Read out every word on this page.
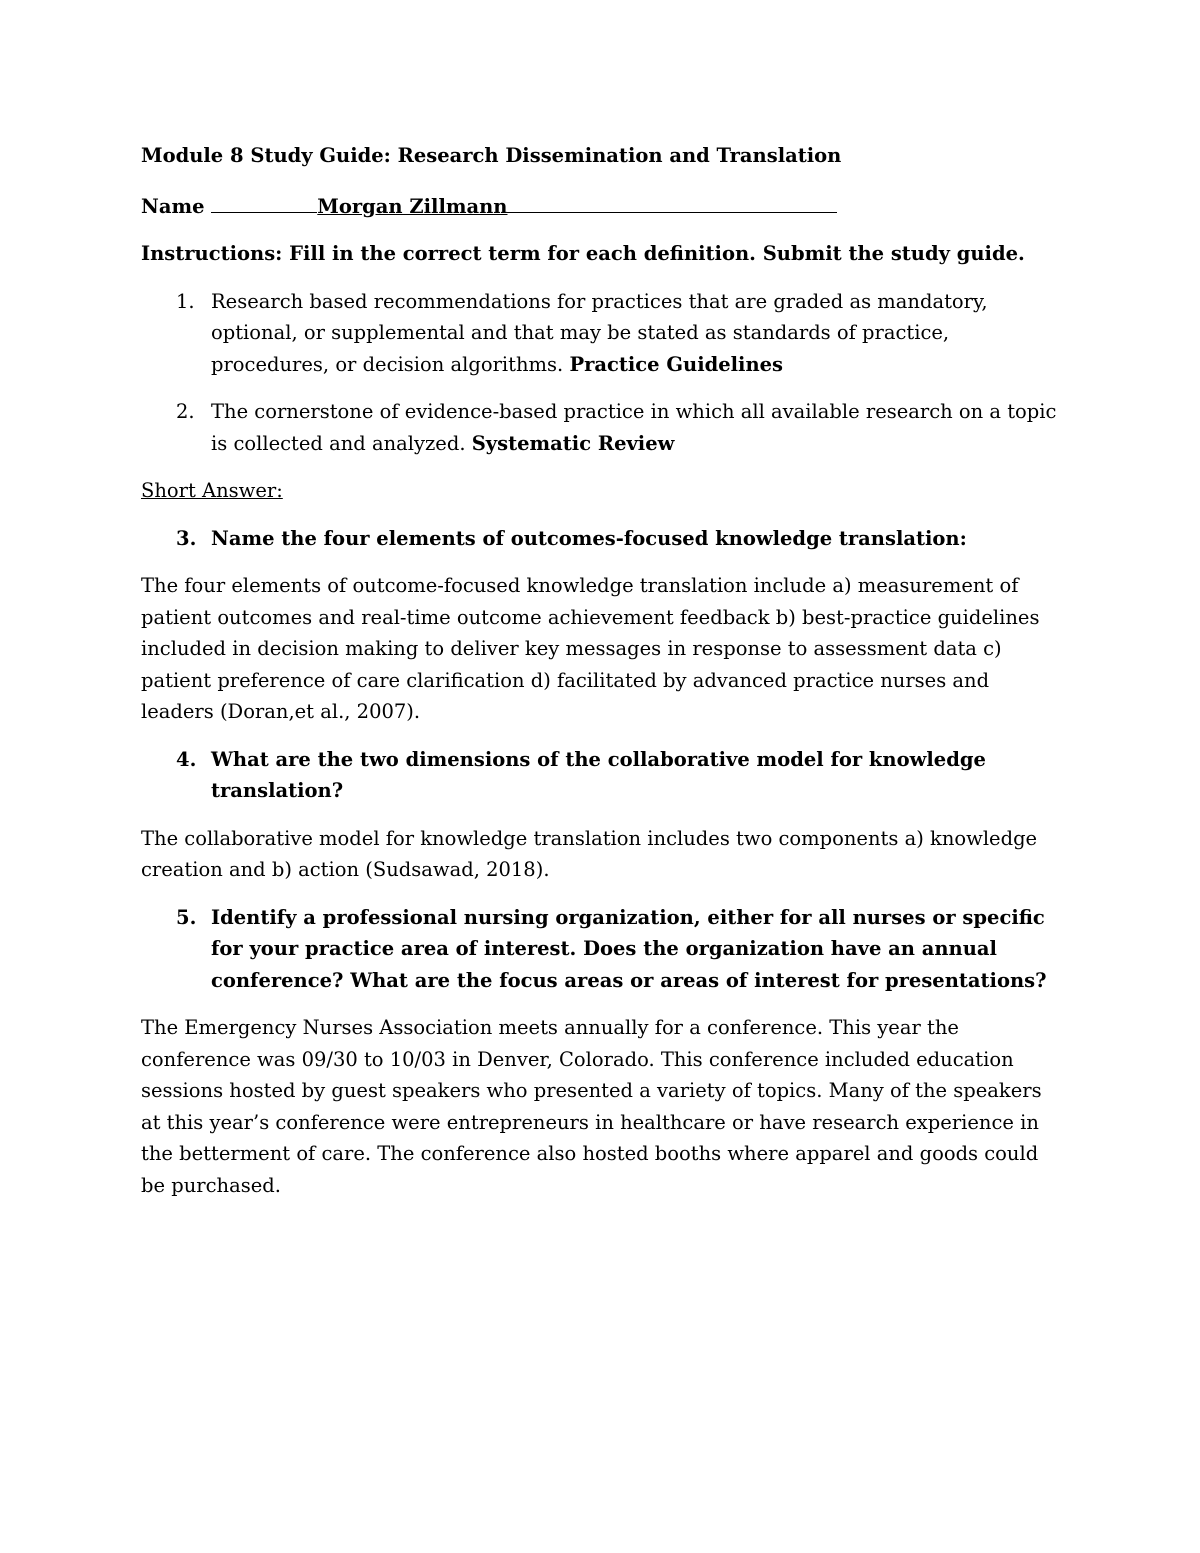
Module 8 Study Guide: Research Dissemination and Translation

Name	Morgan Zillmann

Instructions: Fill in the correct term for each definition. Submit the study guide.

1. Research based recommendations for practices that are graded as mandatory, optional, or supplemental and that may be stated as standards of practice, procedures, or decision algorithms. Practice Guidelines
2. The cornerstone of evidence-based practice in which all available research on a topic is collected and analyzed. Systematic Review

Short Answer:

3. Name the four elements of outcomes-focused knowledge translation:

The four elements of outcome-focused knowledge translation include a) measurement of patient outcomes and real-time outcome achievement feedback b) best-practice guidelines included in decision making to deliver key messages in response to assessment data c) patient preference of care clarification d) facilitated by advanced practice nurses and leaders (Doran,et al., 2007).

4. What are the two dimensions of the collaborative model for knowledge translation?

The collaborative model for knowledge translation includes two components a) knowledge creation and b) action (Sudsawad, 2018).

5. Identify a professional nursing organization, either for all nurses or specific for your practice area of interest. Does the organization have an annual conference? What are the focus areas or areas of interest for presentations?

The Emergency Nurses Association meets annually for a conference. This year the conference was 09/30 to 10/03 in Denver, Colorado. This conference included education sessions hosted by guest speakers who presented a variety of topics. Many of the speakers at this year’s conference were entrepreneurs in healthcare or have research experience in the betterment of care. The conference also hosted booths where apparel and goods could be purchased.
